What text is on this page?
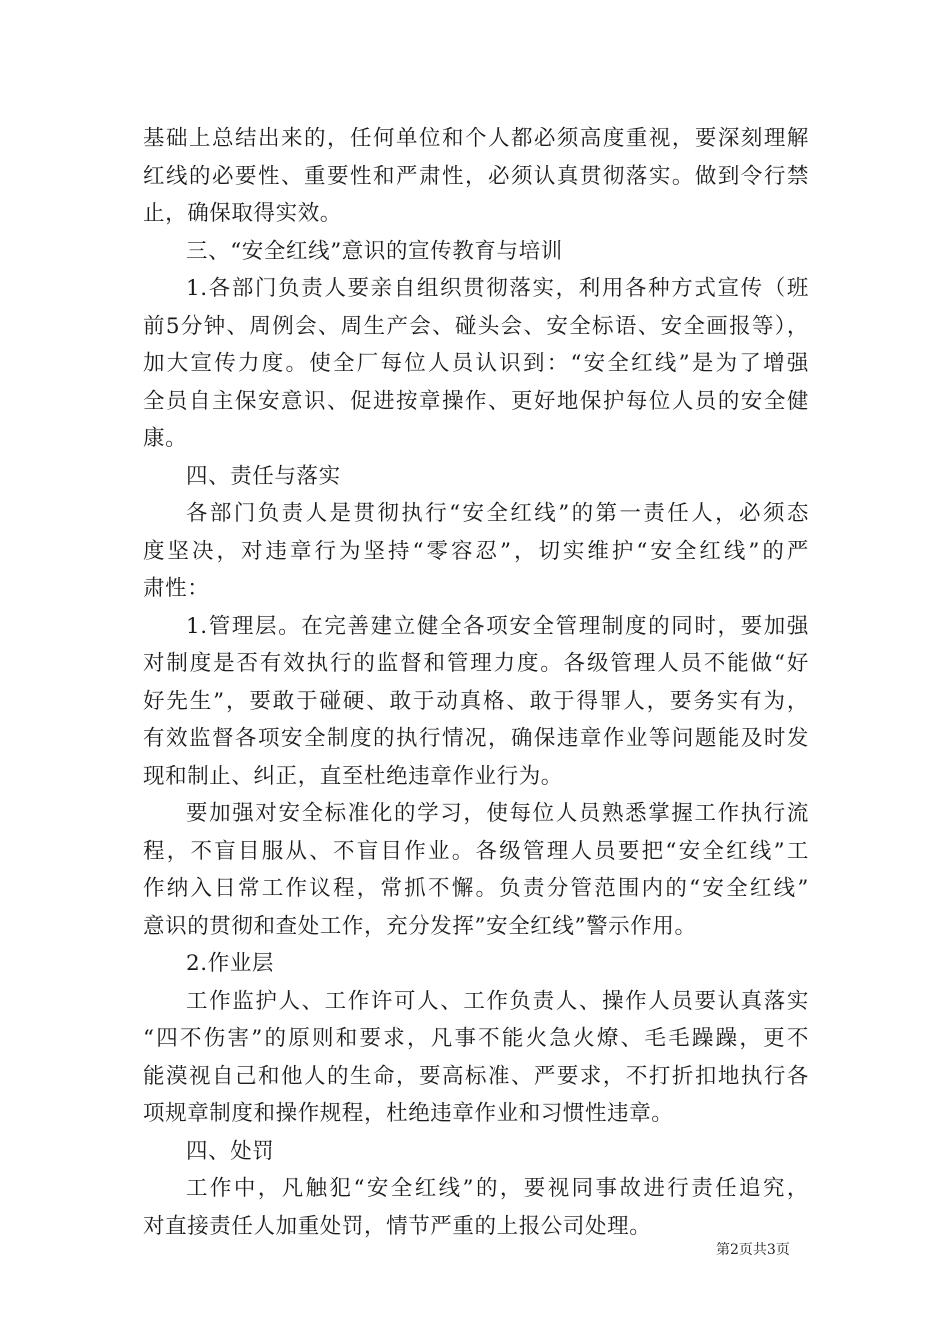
基础上总结出来的，任何单位和个人都必须高度重视，要深刻理解
红线的必要性、重要性和严肃性，必须认真贯彻落实。做到令行禁
止，确保取得实效。
三、“安全红线”意识的宣传教育与培训
1.各部门负责人要亲自组织贯彻落实，利用各种方式宣传（班
前5分钟、周例会、周生产会、碰头会、安全标语、安全画报等），
加大宣传力度。使全厂每位人员认识到：“安全红线”是为了增强
全员自主保安意识、促进按章操作、更好地保护每位人员的安全健
康。
四、责任与落实
各部门负责人是贯彻执行“安全红线”的第一责任人，必须态
度坚决，对违章行为坚持“零容忍”，切实维护“安全红线”的严
肃性：
1.管理层。在完善建立健全各项安全管理制度的同时，要加强
对制度是否有效执行的监督和管理力度。各级管理人员不能做“好
好先生”，要敢于碰硬、敢于动真格、敢于得罪人，要务实有为，
有效监督各项安全制度的执行情况，确保违章作业等问题能及时发
现和制止、纠正，直至杜绝违章作业行为。
要加强对安全标准化的学习，使每位人员熟悉掌握工作执行流
程，不盲目服从、不盲目作业。各级管理人员要把“安全红线”工
作纳入日常工作议程，常抓不懈。负责分管范围内的“安全红线”
意识的贯彻和查处工作，充分发挥”安全红线”警示作用。
2.作业层
工作监护人、工作许可人、工作负责人、操作人员要认真落实
“四不伤害”的原则和要求，凡事不能火急火燎、毛毛躁躁，更不
能漠视自己和他人的生命，要高标准、严要求，不打折扣地执行各
项规章制度和操作规程，杜绝违章作业和习惯性违章。
四、处罚
工作中，凡触犯“安全红线”的，要视同事故进行责任追究，
对直接责任人加重处罚，情节严重的上报公司处理。
第2页共3页
